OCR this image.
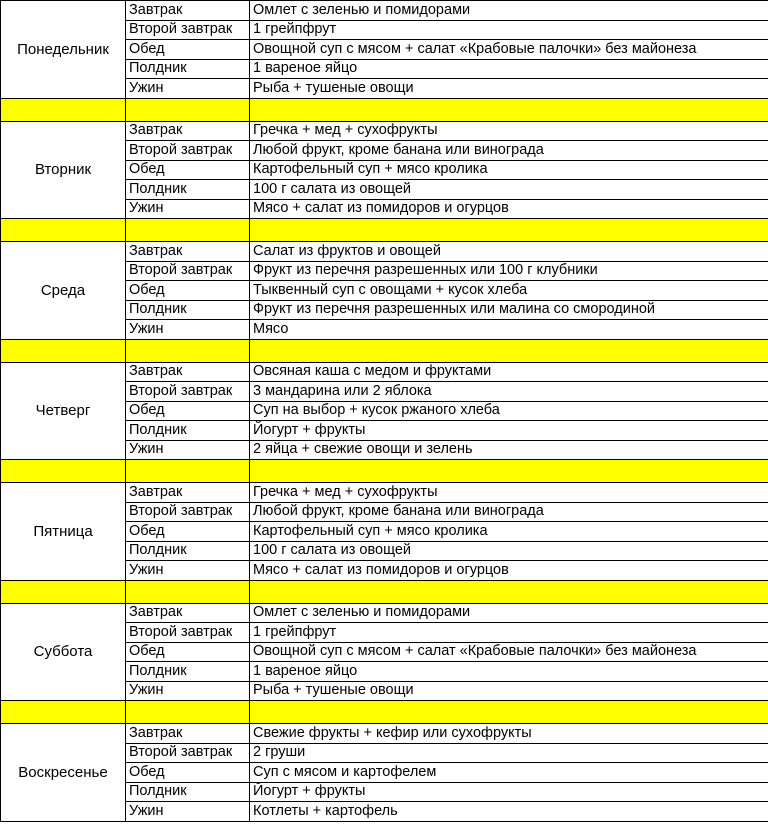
Понедельник	Завтрак	Омлет с зеленью и помидорами
	Второй завтрак	1 грейпфрут
	Обед	Овощной суп с мясом + салат «Крабовые палочки» без майонеза
	Полдник	1 вареное яйцо
	Ужин	Рыба + тушеные овощи

Вторник	Завтрак	Гречка + мед + сухофрукты
	Второй завтрак	Любой фрукт, кроме банана или винограда
	Обед	Картофельный суп + мясо кролика
	Полдник	100 г салата из овощей
	Ужин	Мясо + салат из помидоров и огурцов

Среда	Завтрак	Салат из фруктов и овощей
	Второй завтрак	Фрукт из перечня разрешенных или 100 г клубники
	Обед	Тыквенный суп с овощами + кусок хлеба
	Полдник	Фрукт из перечня разрешенных или малина со смородиной
	Ужин	Мясо

Четверг	Завтрак	Овсяная каша с медом и фруктами
	Второй завтрак	3 мандарина или 2 яблока
	Обед	Суп на выбор + кусок ржаного хлеба
	Полдник	Йогурт + фрукты
	Ужин	2 яйца + свежие овощи и зелень

Пятница	Завтрак	Гречка + мед + сухофрукты
	Второй завтрак	Любой фрукт, кроме банана или винограда
	Обед	Картофельный суп + мясо кролика
	Полдник	100 г салата из овощей
	Ужин	Мясо + салат из помидоров и огурцов

Суббота	Завтрак	Омлет с зеленью и помидорами
	Второй завтрак	1 грейпфрут
	Обед	Овощной суп с мясом + салат «Крабовые палочки» без майонеза
	Полдник	1 вареное яйцо
	Ужин	Рыба + тушеные овощи

Воскресенье	Завтрак	Свежие фрукты + кефир или сухофрукты
	Второй завтрак	2 груши
	Обед	Суп с мясом и картофелем
	Полдник	Йогурт + фрукты
	Ужин	Котлеты + картофель
